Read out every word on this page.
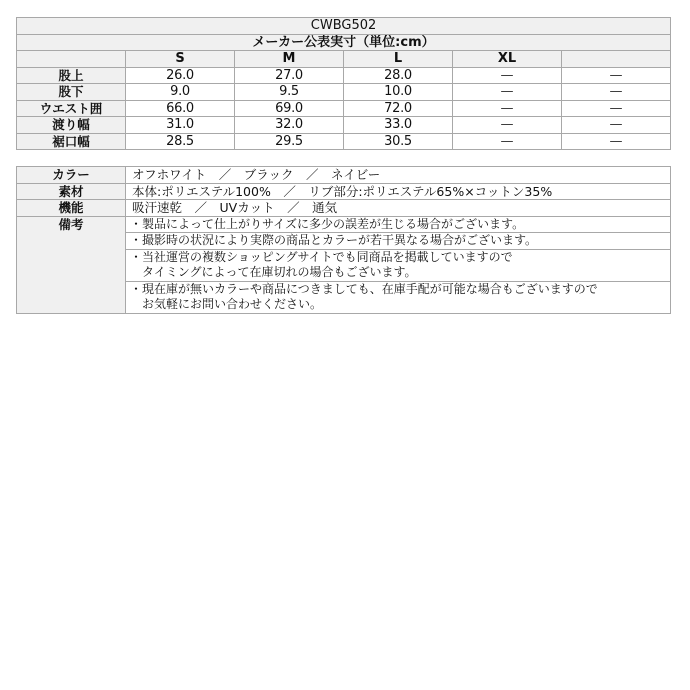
CWBG502					
メーカー公表実寸（単位:cm）					
	S	M	L	XL	
股上	26.0	27.0	28.0	—	—
股下	9.0	9.5	10.0	—	—
ウエスト囲	66.0	69.0	72.0	—	—
渡り幅	31.0	32.0	33.0	—	—
裾口幅	28.5	29.5	30.5	—	—
カラー	オフホワイト　／　ブラック　／　ネイビー
素材	本体:ポリエステル100%　／　リブ部分:ポリエステル65%×コットン35%
機能	吸汗速乾　／　UVカット　／　通気
備考	・製品によって仕上がりサイズに多少の誤差が生じる場合がございます。
	・撮影時の状況により実際の商品とカラーが若干異なる場合がございます。

	・当社運営の複数ショッピングサイトでも同商品を掲載していますので
　タイミングによって在庫切れの場合もございます。

	・現在庫が無いカラーや商品につきましても、在庫手配が可能な場合もございますので
　お気軽にお問い合わせください。
